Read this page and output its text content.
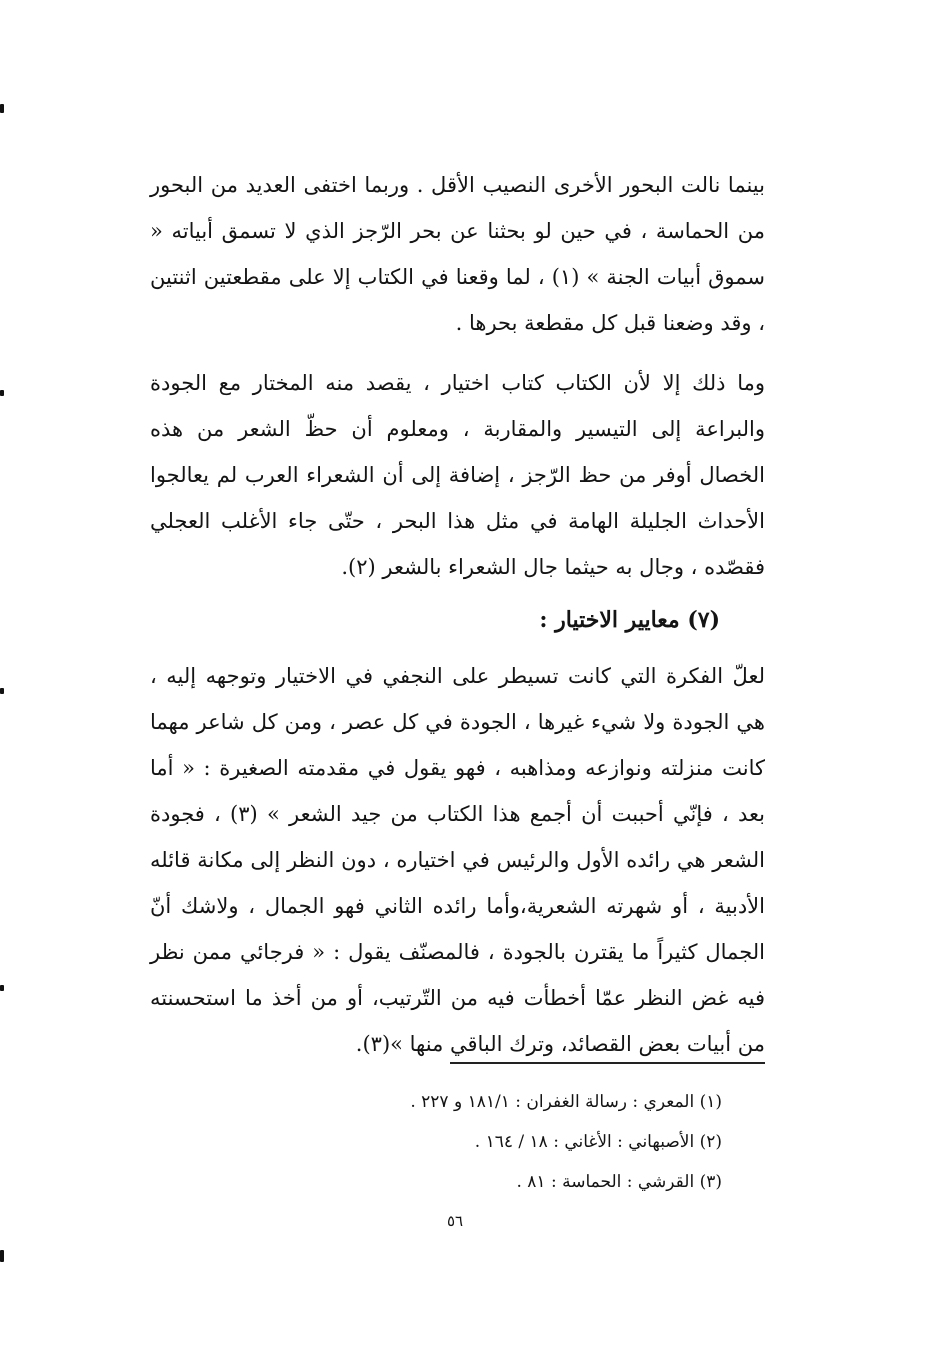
بينما نالت البحور الأخرى النصيب الأقل . وربما اختفى العديد من البحور من الحماسة ، في حين لو بحثنا عن بحر الرّجز الذي لا تسمق أبياته « سموق أبيات الجنة » (١) ، لما وقعنا في الكتاب إلا على مقطعتين اثنتين ، وقد وضعنا قبل كل مقطعة بحرها .

وما ذلك إلا لأن الكتاب كتاب اختيار ، يقصد منه المختار مع الجودة والبراعة إلى التيسير والمقاربة ، ومعلوم أن حظّ الشعر من هذه الخصال أوفر من حظ الرّجز ، إضافة إلى أن الشعراء العرب لم يعالجوا الأحداث الجليلة الهامة في مثل هذا البحر ، حتّى جاء الأغلب العجلي فقصّده ، وجال به حيثما جال الشعراء بالشعر (٢).

(٧) معايير الاختيار :

لعلّ الفكرة التي كانت تسيطر على النجفي في الاختيار وتوجهه إليه ، هي الجودة ولا شيء غيرها ، الجودة في كل عصر ، ومن كل شاعر مهما كانت منزلته ونوازعه ومذاهبه ، فهو يقول في مقدمته الصغيرة : « أما بعد ، فإنّي أحببت أن أجمع هذا الكتاب من جيد الشعر » (٣) ، فجودة الشعر هي رائده الأول والرئيس في اختياره ، دون النظر إلى مكانة قائله الأدبية ، أو شهرته الشعرية،وأما رائده الثاني فهو الجمال ، ولاشك أنّ الجمال كثيراً ما يقترن بالجودة ، فالمصنّف يقول : « فرجائي ممن نظر فيه غض النظر عمّا أخطأت فيه من التّرتيب، أو من أخذ ما استحسنته من أبيات بعض القصائد، وترك الباقي منها »(٣).

(١) المعري : رسالة الغفران : ١٨١/١ و ٢٢٧ .
(٢) الأصبهاني : الأغاني : ١٨ / ١٦٤ .
(٣) القرشي : الحماسة : ٨١ .
٥٦
